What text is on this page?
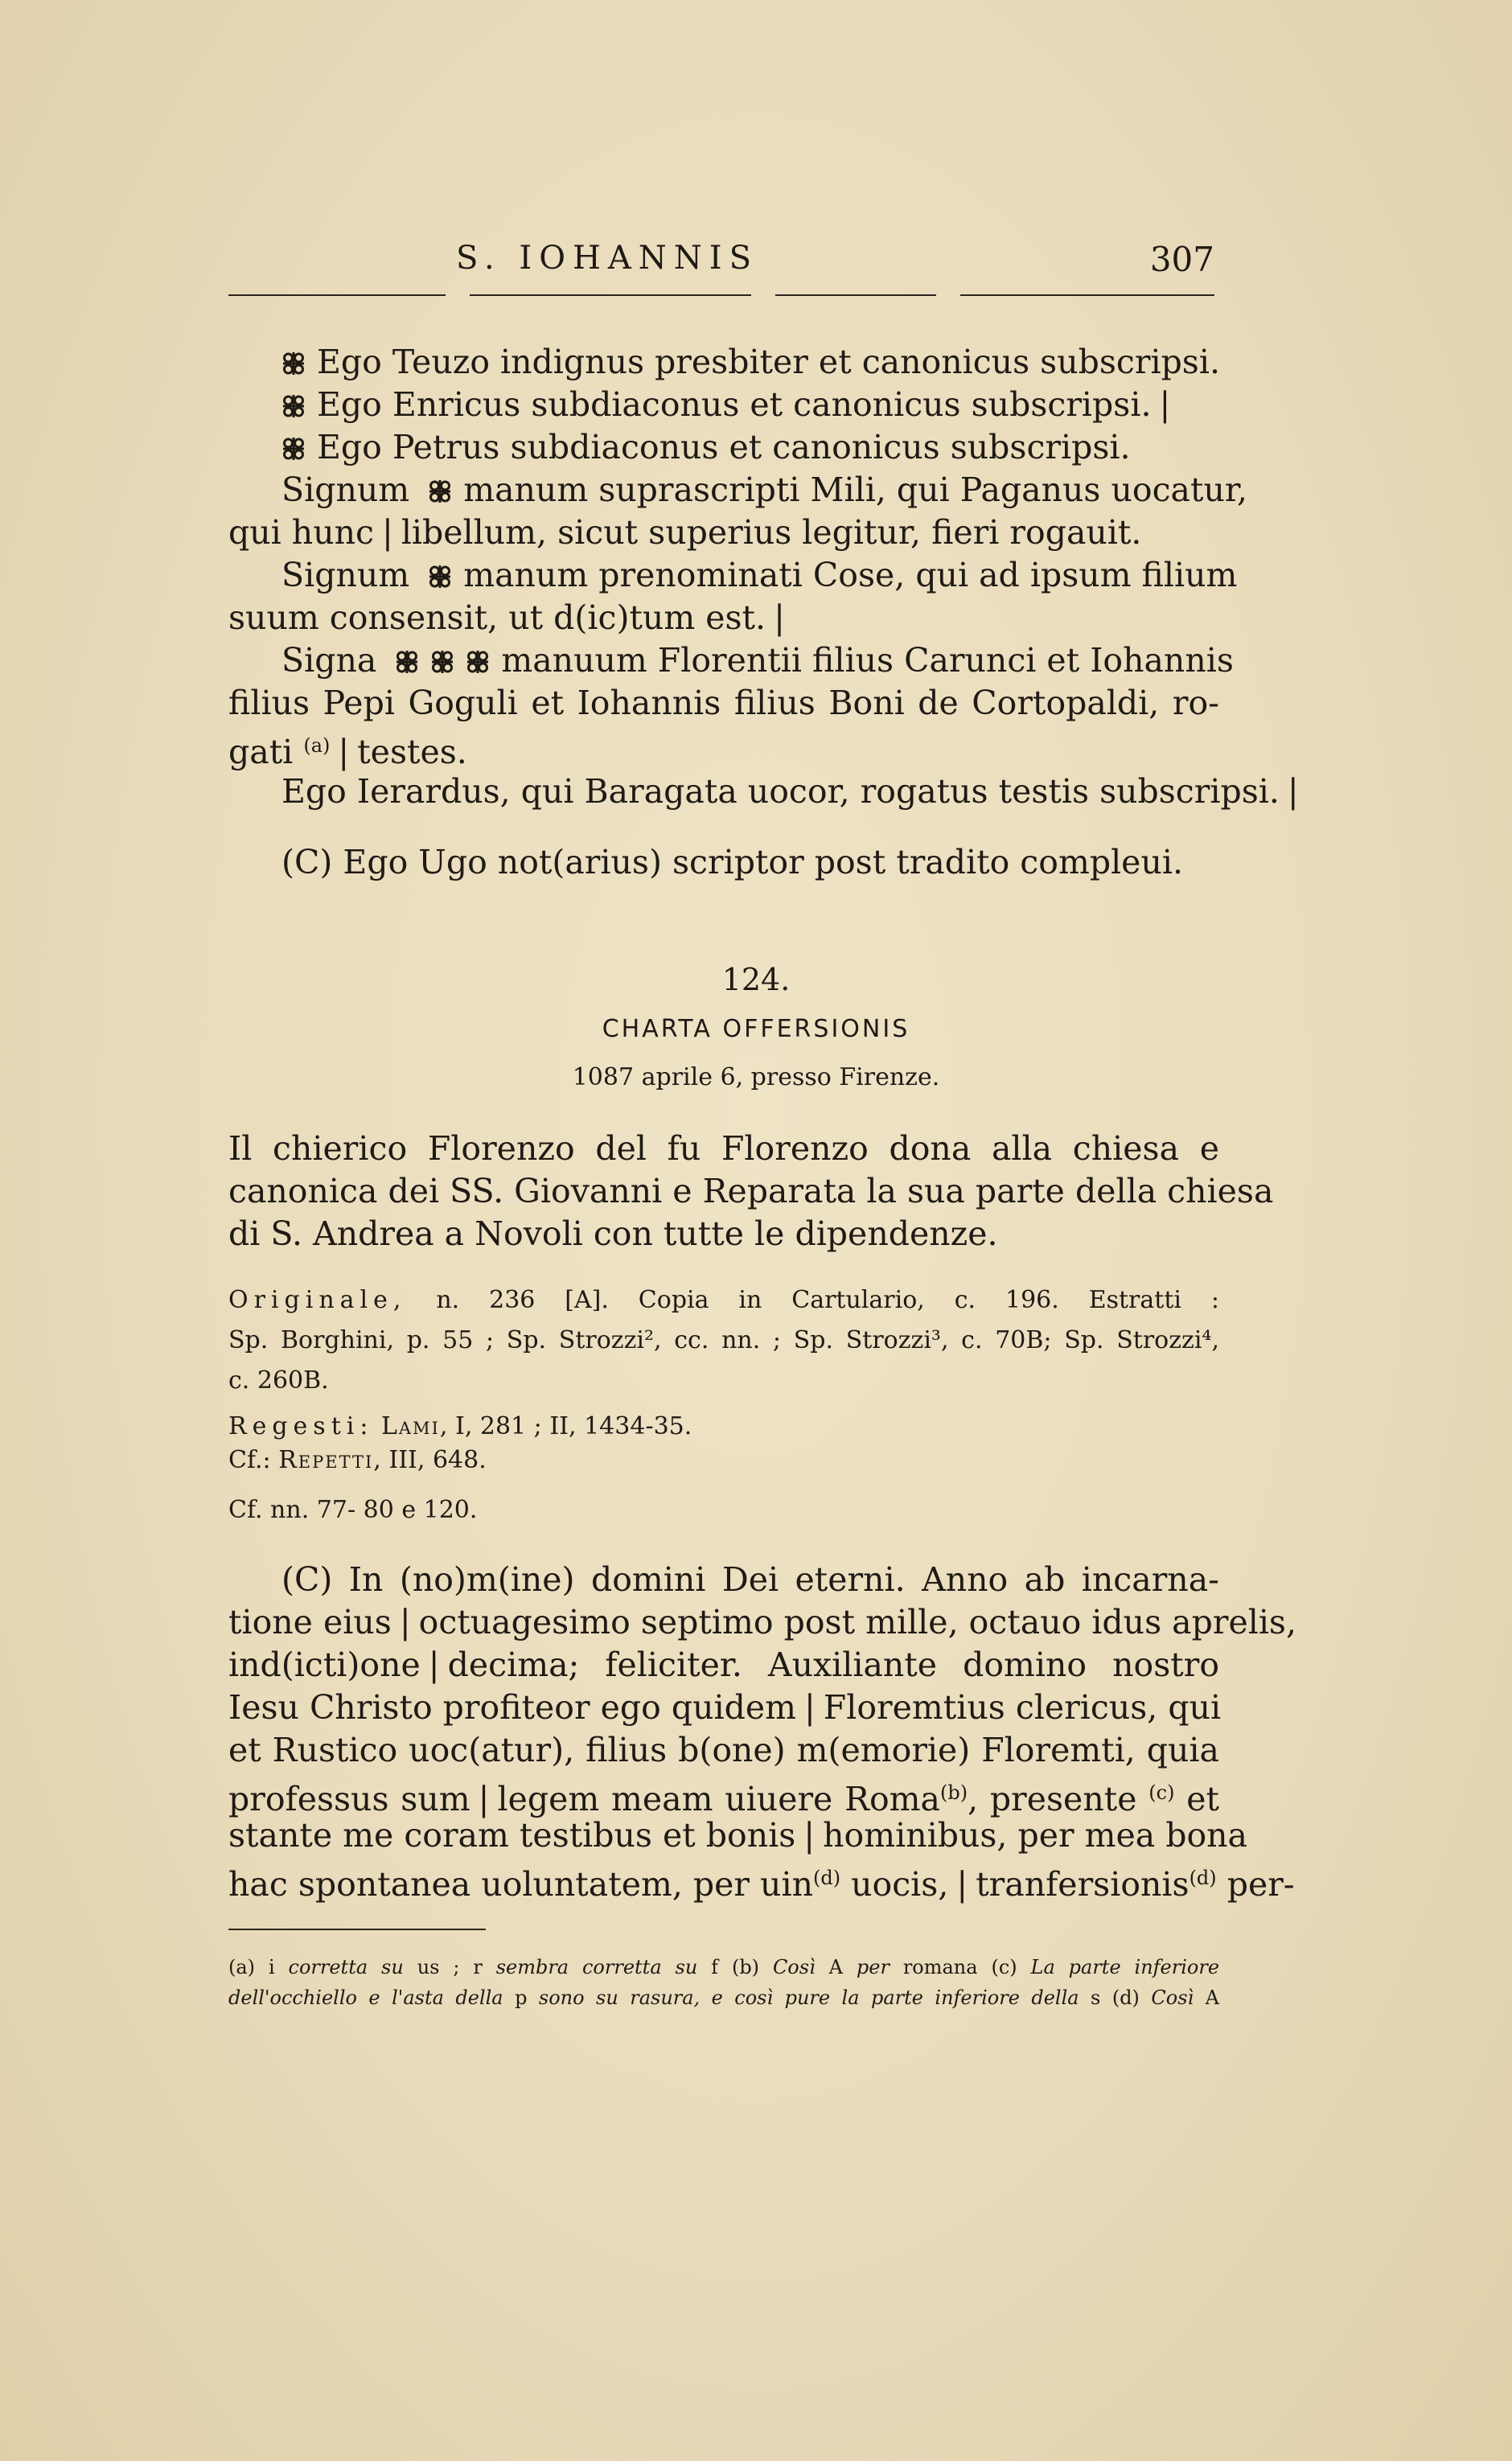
S. IOHANNIS	307
Ego Teuzo indignus presbiter et canonicus subscripsi.
Ego Enricus subdiaconus et canonicus subscripsi. |
Ego Petrus subdiaconus et canonicus subscripsi.
Signum manum suprascripti Mili, qui Paganus uocatur,
qui hunc | libellum, sicut superius legitur, fieri rogauit.
Signum manum prenominati Cose, qui ad ipsum filium
suum consensit, ut d(ic)tum est. |
Signa	manuum Florentii filius Carunci et Iohannis
filius Pepi Goguli et Iohannis filius Boni de Cortopaldi, ro-
gati $^{(a)}$ | testes.
Ego Ierardus, qui Baragata uocor, rogatus testis subscripsi. |
(C) Ego Ugo not(arius) scriptor post tradito compleui.
124.
CHARTA OFFERSIONIS
1087 aprile 6, presso Firenze.
Il chierico Florenzo del fu Florenzo dona alla chiesa e
canonica dei SS. Giovanni e Reparata la sua parte della chiesa
di S. Andrea a Novoli con tutte le dipendenze.
Originale, n. 236 [A]. Copia in Cartulario, c. 196. Estratti :
Sp. Borghini, p. 55 ; Sp. Strozzi², cc. nn. ; Sp. Strozzi³, c. 70B; Sp. Strozzi⁴,
c. 260B.
Regesti: Lami, I, 281 ; II, 1434-35.
Cf.: Repetti, III, 648.
Cf. nn. 77- 80 e 120.
(C) In (no)m(ine) domini Dei eterni. Anno ab incarna-
tione eius | octuagesimo septimo post mille, octauo idus aprelis,
ind(icti)one | decima; feliciter. Auxiliante domino nostro
Iesu Christo profiteor ego quidem | Floremtius clericus, qui
et Rustico uoc(atur), filius b(one) m(emorie) Floremti, quia
professus sum | legem meam uiuere Roma$^{(b)}$, presente $^{(c)}$ et
stante me coram testibus et bonis | hominibus, per mea bona
hac spontanea uoluntatem, per uin$^{(d)}$ uocis, | tranfersionis$^{(d)}$ per-
(a) i corretta su us ; r sembra corretta su f (b) Così A per romana (c) La parte inferiore
dell'occhiello e l'asta della p sono su rasura, e così pure la parte inferiore della s (d) Così A
